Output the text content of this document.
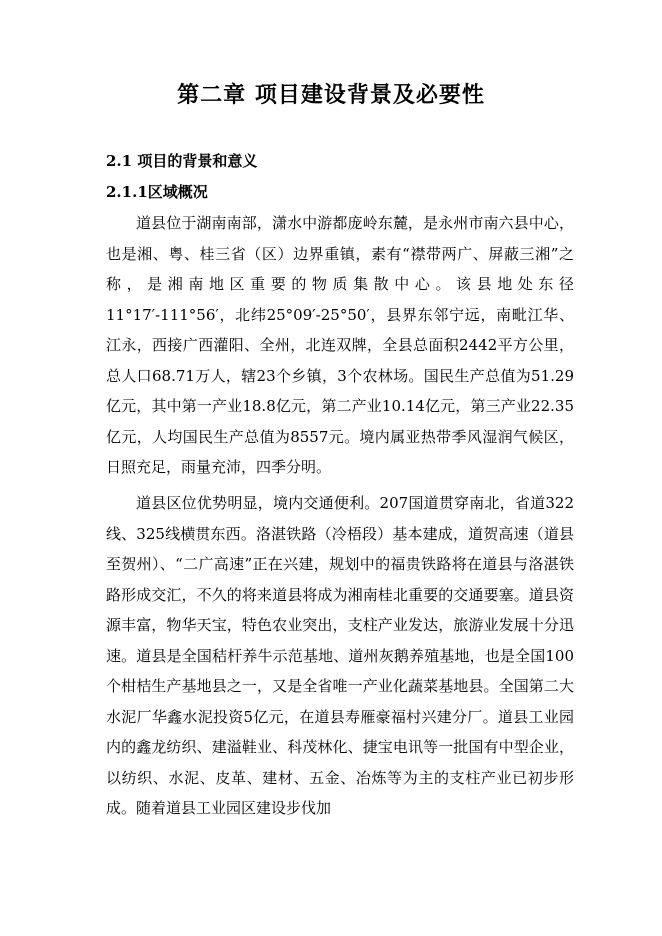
第二章 项目建设背景及必要性
2.1 项目的背景和意义
2.1.1区域概况

道县位于湖南南部，潇水中游都庞岭东麓，是永州市南六县中心，也是湘、粤、桂三省（区）边界重镇，素有“襟带两广、屏蔽三湘”之称，是湘南地区重要的物质集散中心。该县地处东径11°17′-111°56′，北纬25°09′-25°50′，县界东邻宁远，南毗江华、江永，西接广西灌阳、全州，北连双牌，全县总面积2442平方公里，总人口68.71万人，辖23个乡镇，3个农林场。国民生产总值为51.29亿元，其中第一产业18.8亿元，第二产业10.14亿元，第三产业22.35亿元，人均国民生产总值为8557元。境内属亚热带季风湿润气候区，日照充足，雨量充沛，四季分明。

道县区位优势明显，境内交通便利。207国道贯穿南北，省道322线、325线横贯东西。洛湛铁路（冷梧段）基本建成，道贺高速（道县至贺州）、“二广高速”正在兴建，规划中的福贵铁路将在道县与洛湛铁路形成交汇，不久的将来道县将成为湘南桂北重要的交通要塞。道县资源丰富，物华天宝，特色农业突出，支柱产业发达，旅游业发展十分迅速。道县是全国秸杆养牛示范基地、道州灰鹅养殖基地，也是全国100个柑桔生产基地县之一，又是全省唯一产业化蔬菜基地县。全国第二大水泥厂华鑫水泥投资5亿元，在道县寿雁豪福村兴建分厂。道县工业园内的鑫龙纺织、建溢鞋业、科茂林化、捷宝电讯等一批国有中型企业，以纺织、水泥、皮革、建材、五金、冶炼等为主的支柱产业已初步形成。随着道县工业园区建设步伐加
